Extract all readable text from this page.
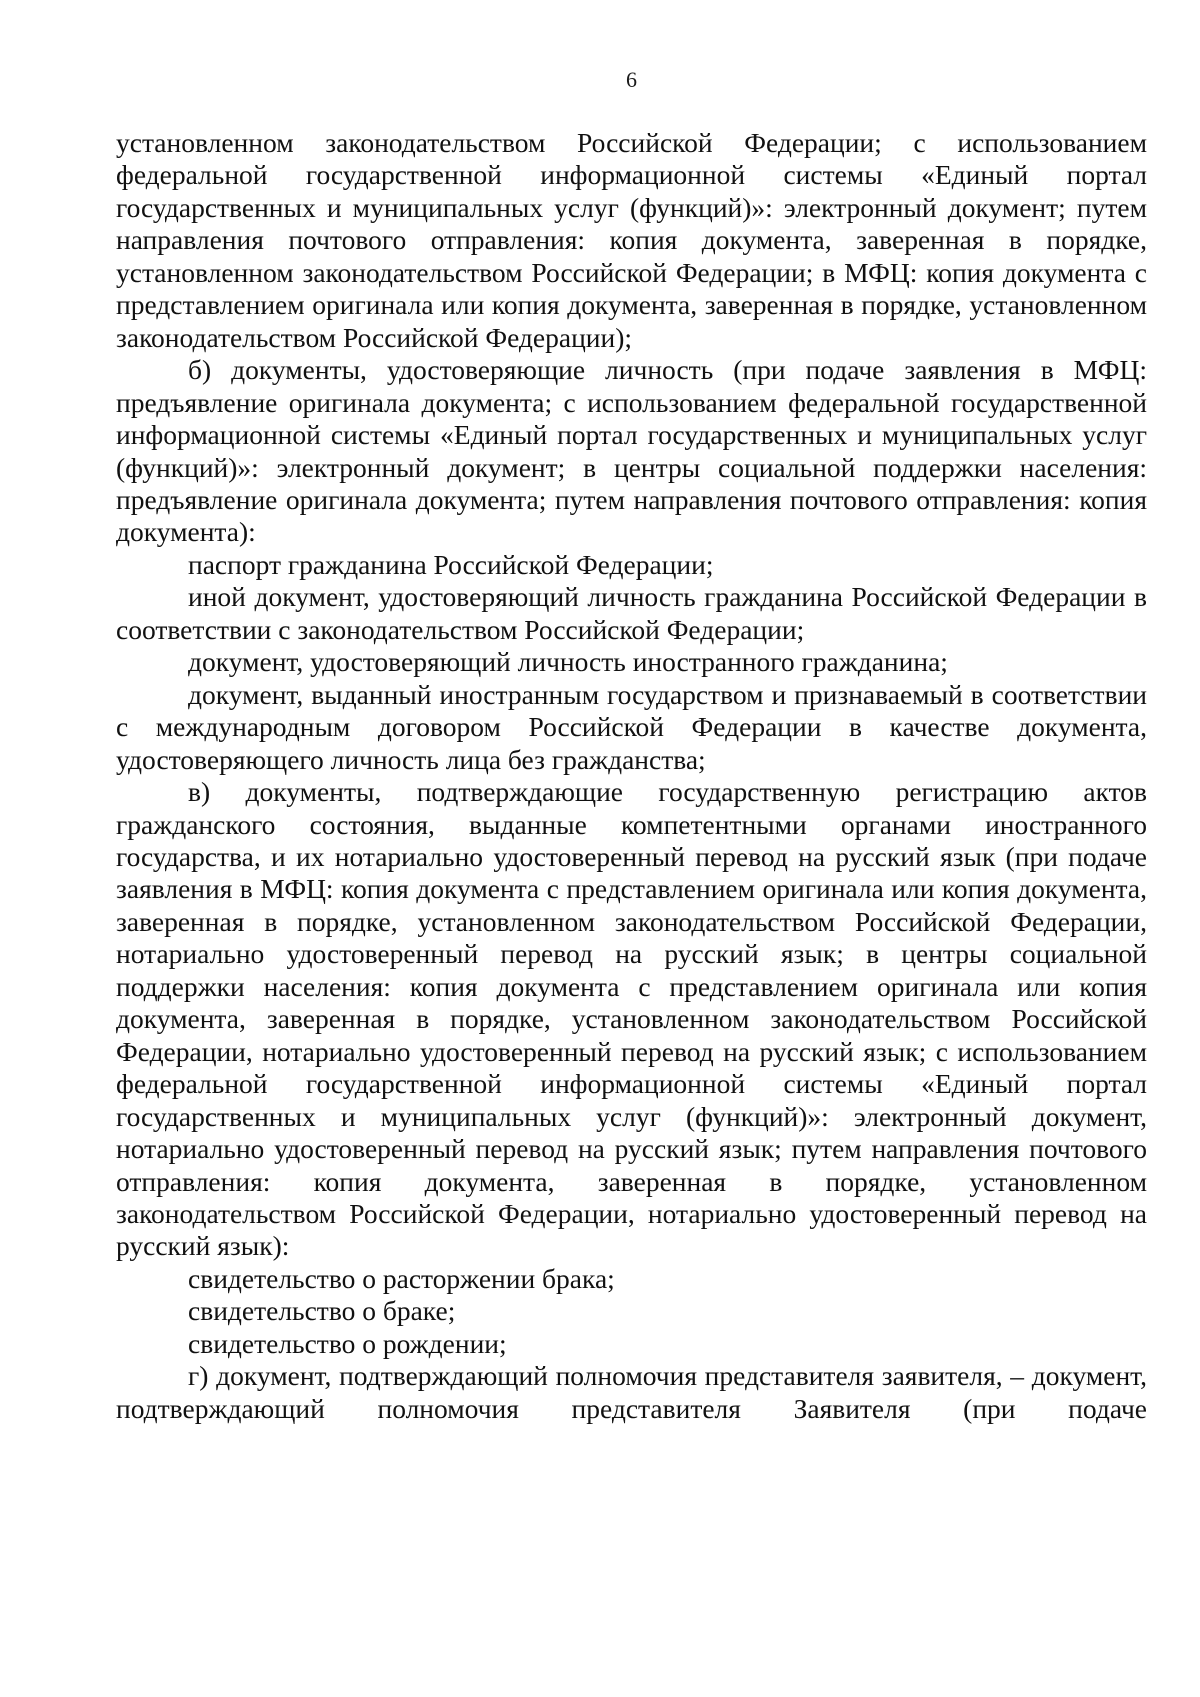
6

установленном законодательством Российской Федерации; с использованием федеральной государственной информационной системы «Единый портал государственных и муниципальных услуг (функций)»: электронный документ; путем направления почтового отправления: копия документа, заверенная в порядке, установленном законодательством Российской Федерации; в МФЦ: копия документа с представлением оригинала или копия документа, заверенная в порядке, установленном законодательством Российской Федерации);

б) документы, удостоверяющие личность (при подаче заявления в МФЦ: предъявление оригинала документа; с использованием федеральной государственной информационной системы «Единый портал государственных и муниципальных услуг (функций)»: электронный документ; в центры социальной поддержки населения: предъявление оригинала документа; путем направления почтового отправления: копия документа):

паспорт гражданина Российской Федерации;

иной документ, удостоверяющий личность гражданина Российской Федерации в соответствии с законодательством Российской Федерации;

документ, удостоверяющий личность иностранного гражданина;

документ, выданный иностранным государством и признаваемый в соответствии с международным договором Российской Федерации в качестве документа, удостоверяющего личность лица без гражданства;

в) документы, подтверждающие государственную регистрацию актов гражданского состояния, выданные компетентными органами иностранного государства, и их нотариально удостоверенный перевод на русский язык (при подаче заявления в МФЦ: копия документа с представлением оригинала или копия документа, заверенная в порядке, установленном законодательством Российской Федерации, нотариально удостоверенный перевод на русский язык; в центры социальной поддержки населения: копия документа с представлением оригинала или копия документа, заверенная в порядке, установленном законодательством Российской Федерации, нотариально удостоверенный перевод на русский язык; с использованием федеральной государственной информационной системы «Единый портал государственных и муниципальных услуг (функций)»: электронный документ, нотариально удостоверенный перевод на русский язык; путем направления почтового отправления: копия документа, заверенная в порядке, установленном законодательством Российской Федерации, нотариально удостоверенный перевод на русский язык):

свидетельство о расторжении брака;

свидетельство о браке;

свидетельство о рождении;

г) документ, подтверждающий полномочия представителя заявителя, – документ, подтверждающий полномочия представителя Заявителя (при подаче
